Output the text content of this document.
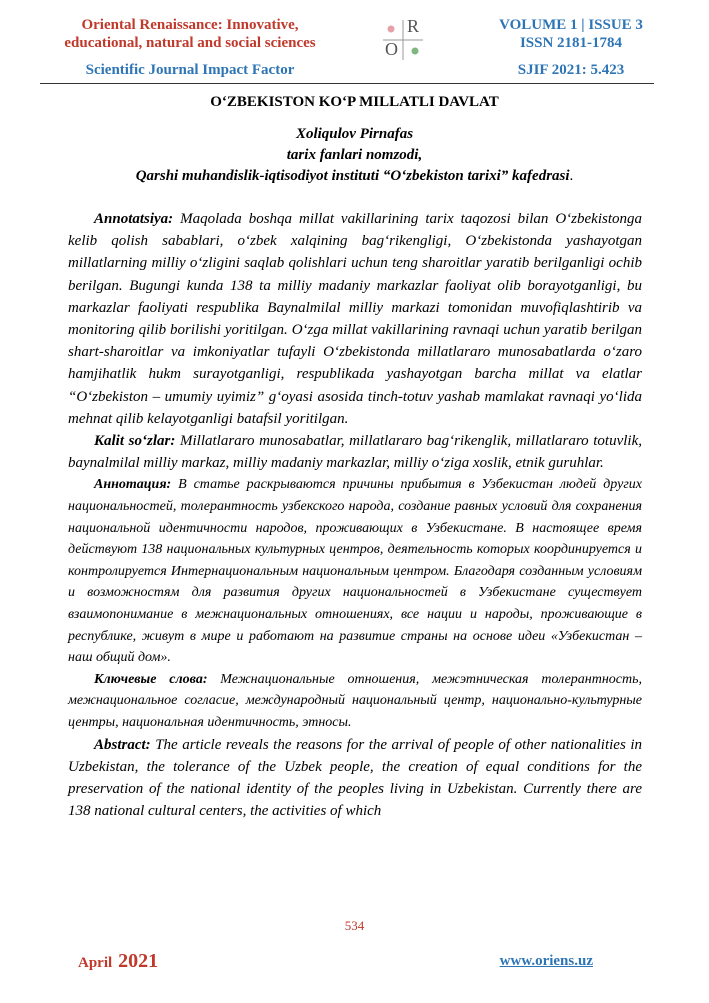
Oriental Renaissance: Innovative,
educational, natural and social sciences
Scientific Journal Impact Factor
R
O
VOLUME 1 | ISSUE 3
ISSN 2181-1784
SJIF 2021: 5.423
O‘ZBEKISTON KO‘P MILLATLI DAVLAT
Xoliqulov Pirnafas
tarix fanlari nomzodi,
Qarshi muhandislik-iqtisodiyot instituti “O‘zbekiston tarixi” kafedrasi.

Annotatsiya: Maqolada boshqa millat vakillarining tarix taqozosi bilan O‘zbekistonga kelib qolish sabablari, o‘zbek xalqining bag‘rikengligi, O‘zbekistonda yashayotgan millatlarning milliy o‘zligini saqlab qolishlari uchun teng sharoitlar yaratib berilganligi ochib berilgan. Bugungi kunda 138 ta milliy madaniy markazlar faoliyat olib borayotganligi, bu markazlar faoliyati respublika Baynalmilal milliy markazi tomonidan muvofiqlashtirib va monitoring qilib borilishi yoritilgan. O‘zga millat vakillarining ravnaqi uchun yaratib berilgan shart-sharoitlar va imkoniyatlar tufayli O‘zbekistonda millatlararo munosabatlarda o‘zaro hamjihatlik hukm surayotganligi, respublikada yashayotgan barcha millat va elatlar “O‘zbekiston – umumiy uyimiz” g‘oyasi asosida tinch-totuv yashab mamlakat ravnaqi yo‘lida mehnat qilib kelayotganligi batafsil yoritilgan.

Kalit so‘zlar: Millatlararo munosabatlar, millatlararo bag‘rikenglik, millatlararo totuvlik, baynalmilal milliy markaz, milliy madaniy markazlar, milliy o‘ziga xoslik, etnik guruhlar.

Аннотация: В статье раскрываются причины прибытия в Узбекистан людей других национальностей, толерантность узбекского народа, создание равных условий для сохранения национальной идентичности народов, проживающих в Узбекистане. В настоящее время действуют 138 национальных культурных центров, деятельность которых координируется и контролируется Интернациональным национальным центром. Благодаря созданным условиям и возможностям для развития других национальностей в Узбекистане существует взаимопонимание в межнациональных отношениях, все нации и народы, проживающие в республике, живут в мире и работают на развитие страны на основе идеи «Узбекистан – наш общий дом».

Ключевые слова: Межнациональные отношения, межэтническая толерантность, межнациональное согласие, международный национальный центр, национально-культурные центры, национальная идентичность, этносы.

Abstract: The article reveals the reasons for the arrival of people of other nationalities in Uzbekistan, the tolerance of the Uzbek people, the creation of equal conditions for the preservation of the national identity of the peoples living in Uzbekistan. Currently there are 138 national cultural centers, the activities of which

534
April 2021	www.oriens.uz
